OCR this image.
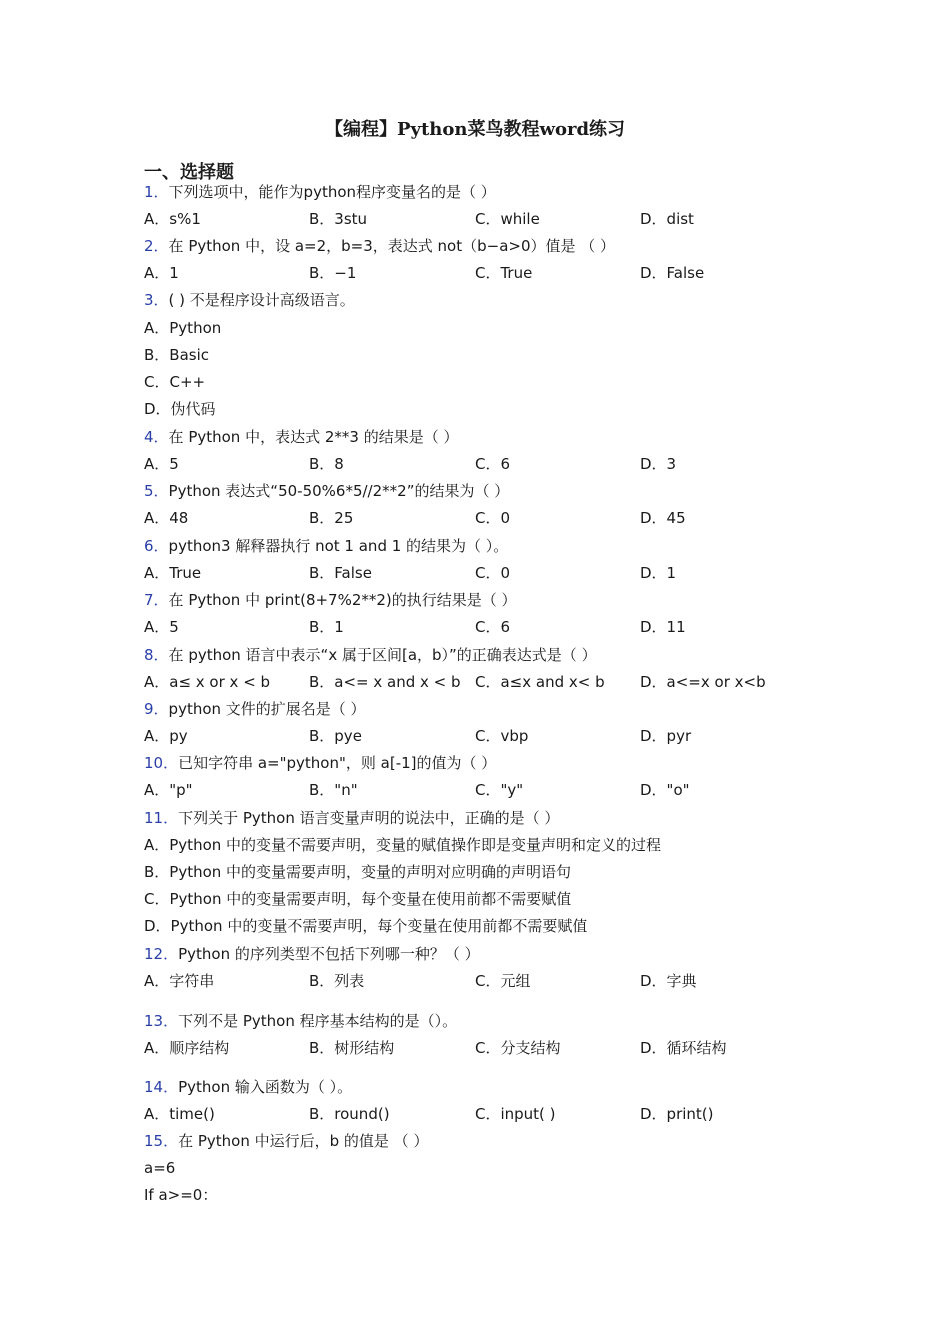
【编程】Python菜鸟教程word练习
一、选择题
1．下列选项中，能作为python程序变量名的是（ ）
A．s%1	B．3stu	C．while	D．dist
2．在 Python 中，设 a=2，b=3，表达式 not（b−a>0）值是 （ ）
A．1	B．−1	C．True	D．False
3．( ) 不是程序设计高级语言。
A．Python
B．Basic
C．C++
D．伪代码
4．在 Python 中，表达式 2**3 的结果是（ ）
A．5	B．8	C．6	D．3
5．Python 表达式“50-50%6*5//2**2”的结果为（ ）
A．48	B．25	C．0	D．45
6．python3 解释器执行 not 1 and 1 的结果为（ ）。
A．True	B．False	C．0	D．1
7．在 Python 中 print(8+7%2**2)的执行结果是（ ）
A．5	B．1	C．6	D．11
8．在 python 语言中表示“x 属于区间[a，b）”的正确表达式是（ ）
A．a≤ x or x < b	B．a<= x and x < b C．a≤x and x< b D．a<=x or x<b
9．python 文件的扩展名是（ ）
A．py	B．pye	C．vbp	D．pyr
10．已知字符串 a="python"，则 a[-1]的值为（ ）
A．"p"	B．"n"	C．"y"	D．"o"
11．下列关于 Python 语言变量声明的说法中，正确的是（ ）
A．Python 中的变量不需要声明，变量的赋值操作即是变量声明和定义的过程
B．Python 中的变量需要声明，变量的声明对应明确的声明语句
C．Python 中的变量需要声明，每个变量在使用前都不需要赋值
D．Python 中的变量不需要声明，每个变量在使用前都不需要赋值
12．Python 的序列类型不包括下列哪一种？（ ）
A．字符串	B．列表	C．元组	D．字典
13．下列不是 Python 程序基本结构的是（）。
A．顺序结构	B．树形结构	C．分支结构	D．循环结构
14．Python 输入函数为（ ）。
A．time()	B．round()	C．input( )	D．print()
15．在 Python 中运行后，b 的值是 （ ）
a=6
If a>=0：
